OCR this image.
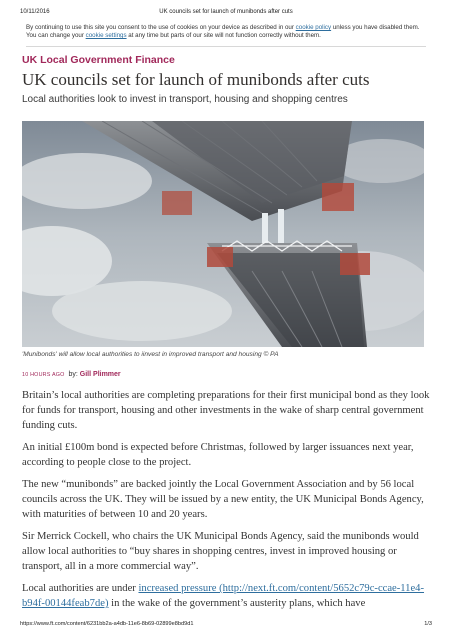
10/11/2016	UK councils set for launch of munibonds after cuts
By continuing to use this site you consent to the use of cookies on your device as described in our cookie policy unless you have disabled them. You can change your cookie settings at any time but parts of our site will not function correctly without them.
UK Local Government Finance
UK councils set for launch of munibonds after cuts
Local authorities look to invest in transport, housing and shopping centres
'Munibonds' will allow local authorities to iinvest in improved transport and housing © PA
10 HOURS AGO by: Gill Plimmer

Britain’s local authorities are completing preparations for their first municipal bond as they look for funds for transport, housing and other investments in the wake of sharp central government funding cuts.

An initial £100m bond is expected before Christmas, followed by larger issuances next year, according to people close to the project.

The new “munibonds” are backed jointly the Local Government Association and by 56 local councils across the UK. They will be issued by a new entity, the UK Municipal Bonds Agency, with maturities of between 10 and 20 years.

Sir Merrick Cockell, who chairs the UK Municipal Bonds Agency, said the munibonds would allow local authorities to “buy shares in shopping centres, invest in improved housing or transport, all in a more commercial way”.

Local authorities are under increased pressure (http://next.ft.com/content/5652c79c-ccae-11e4-b94f-00144feab7de) in the wake of the government’s austerity plans, which have

https://www.ft.com/content/6231bb2a-a4db-11e6-8b69-02899e8bd9d1	1/3
